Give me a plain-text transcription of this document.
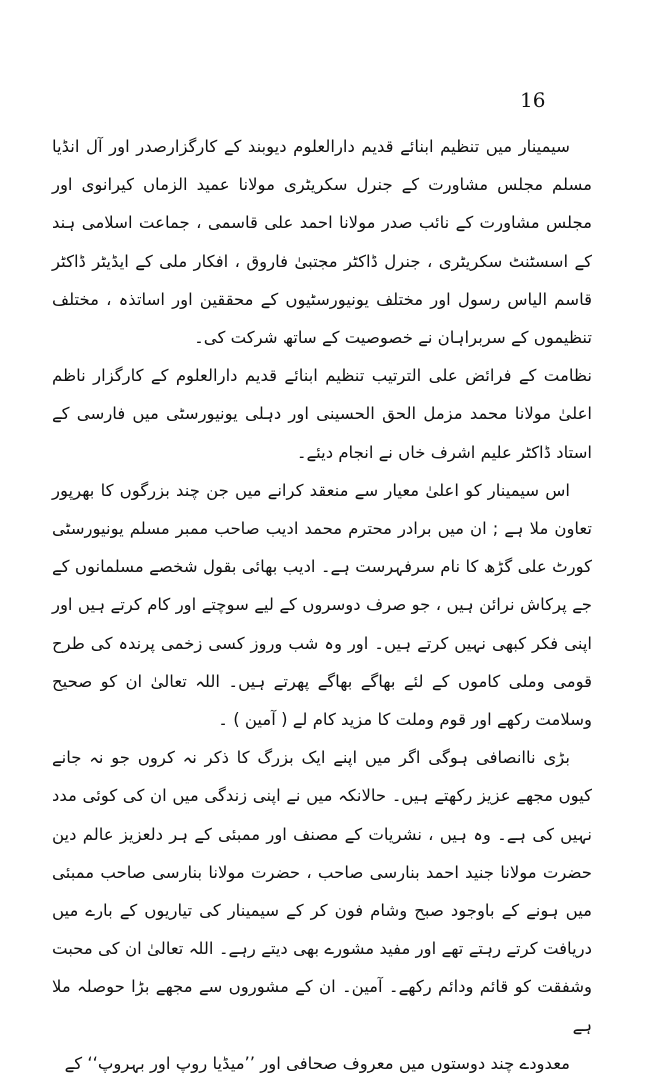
16

سیمینار میں تنظیم ابنائے قدیم دارالعلوم دیوبند کے کارگزارصدر اور آل انڈیا مسلم مجلس مشاورت کے جنرل سکریٹری مولانا عمید الزماں کیرانوی اور مجلس مشاورت کے نائب صدر مولانا احمد علی قاسمی ، جماعت اسلامی ہند کے اسسٹنٹ سکریٹری ، جنرل ڈاکٹر مجتبیٰ فاروق ، افکار ملی کے ایڈیٹر ڈاکٹر قاسم الیاس رسول اور مختلف یونیورسٹیوں کے محققین اور اساتذہ ، مختلف تنظیموں کے سربراہان نے خصوصیت کے ساتھ شرکت کی۔

نظامت کے فرائض علی الترتیب تنظیم ابنائے قدیم دارالعلوم کے کارگزار ناظم اعلیٰ مولانا محمد مزمل الحق الحسینی اور دہلی یونیورسٹی میں فارسی کے استاد ڈاکٹر علیم اشرف خاں نے انجام دیئے۔

اس سیمینار کو اعلیٰ معیار سے منعقد کرانے میں جن چند بزرگوں کا بھرپور تعاون ملا ہے ; ان میں برادر محترم محمد ادیب صاحب ممبر مسلم یونیورسٹی کورٹ علی گڑھ کا نام سرفہرست ہے۔ ادیب بھائی بقول شخصے مسلمانوں کے جے پرکاش نرائن ہیں ، جو صرف دوسروں کے لیے سوچتے اور کام کرتے ہیں اور اپنی فکر کبھی نہیں کرتے ہیں۔ اور وہ شب وروز کسی زخمی پرندہ کی طرح قومی وملی کاموں کے لئے بھاگے بھاگے پھرتے ہیں۔ اللہ تعالیٰ ان کو صحیح وسلامت رکھے اور قوم وملت کا مزید کام لے ( آمین ) ۔

بڑی ناانصافی ہوگی اگر میں اپنے ایک بزرگ کا ذکر نہ کروں جو نہ جانے کیوں مجھے عزیز رکھتے ہیں۔ حالانکہ میں نے اپنی زندگی میں ان کی کوئی مدد نہیں کی ہے۔ وہ ہیں ، نشریات کے مصنف اور ممبئی کے ہر دلعزیز عالم دین حضرت مولانا جنید احمد بنارسی صاحب ، حضرت مولانا بنارسی صاحب ممبئی میں ہونے کے باوجود صبح وشام فون کر کے سیمینار کی تیاریوں کے بارے میں دریافت کرتے رہتے تھے اور مفید مشورے بھی دیتے رہے۔ اللہ تعالیٰ ان کی محبت وشفقت کو قائم ودائم رکھے۔ آمین۔ ان کے مشوروں سے مجھے بڑا حوصلہ ملا ہے

معدودے چند دوستوں میں معروف صحافی اور ’’میڈیا روپ اور بہروپ‘‘ کے
